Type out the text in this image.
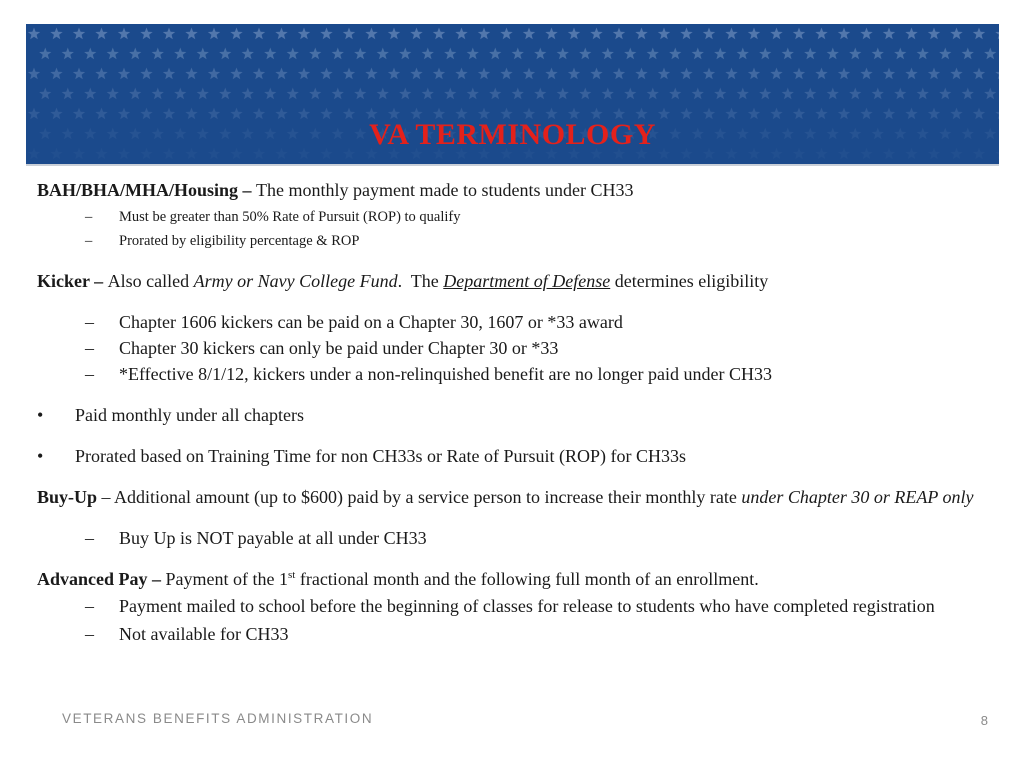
VA TERMINOLOGY
BAH/BHA/MHA/Housing – The monthly payment made to students under CH33
–	Must be greater than 50% Rate of Pursuit (ROP) to qualify
–	Prorated by eligibility percentage & ROP
Kicker – Also called Army or Navy College Fund.  The Department of Defense determines eligibility
–	Chapter 1606 kickers can be paid on a Chapter 30, 1607 or *33 award
–	Chapter 30 kickers can only be paid under Chapter 30 or *33
–	*Effective 8/1/12, kickers under a non-relinquished benefit are no longer paid under CH33
•	Paid monthly under all chapters
•	Prorated based on Training Time for non CH33s or Rate of Pursuit (ROP) for CH33s
Buy-Up – Additional amount (up to $600) paid by a service person to increase their monthly rate under Chapter 30 or REAP only
–	Buy Up is NOT payable at all under CH33
Advanced Pay – Payment of the 1st fractional month and the following full month of an enrollment.
–	Payment mailed to school before the beginning of classes for release to students who have completed registration
–	Not available for CH33
VETERANS BENEFITS ADMINISTRATION	8
